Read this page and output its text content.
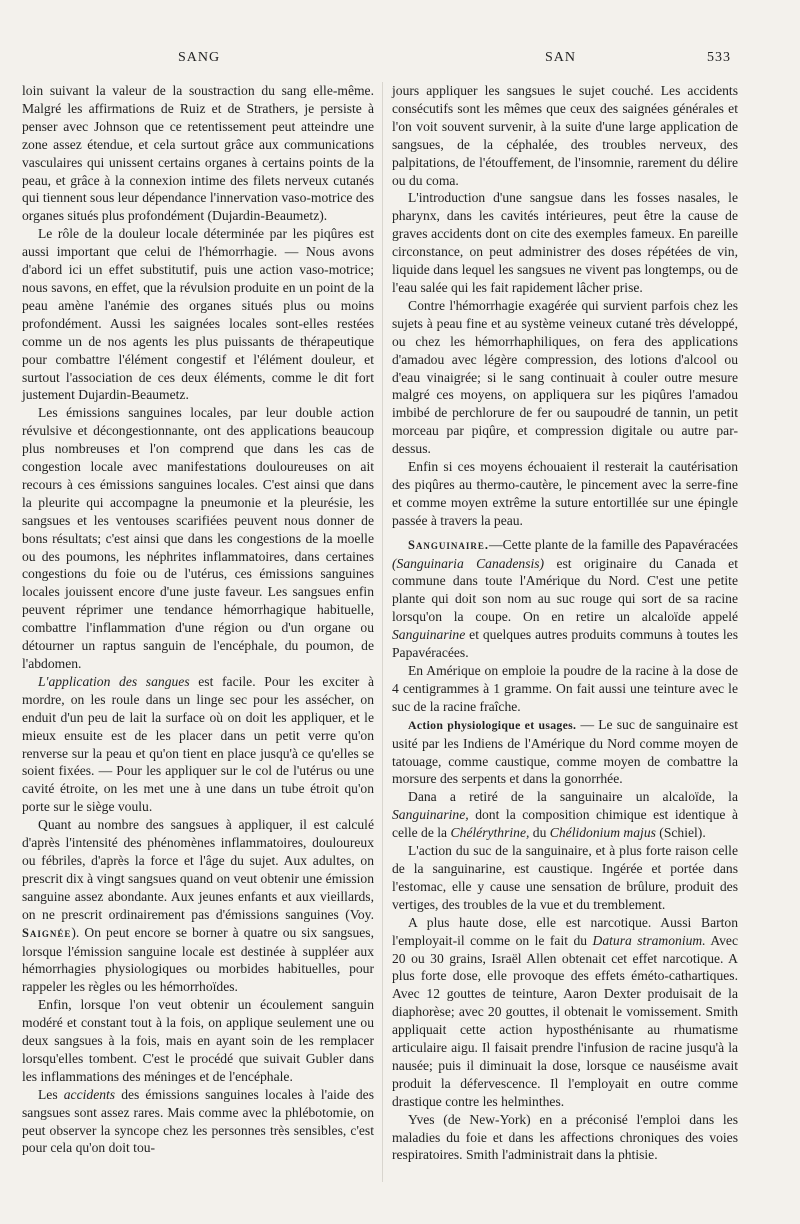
SANG	SAN	533

loin suivant la valeur de la soustraction du sang elle-même. Malgré les affirmations de Ruiz et de Strathers, je persiste à penser avec Johnson que ce retentissement peut atteindre une zone assez étendue, et cela surtout grâce aux communications vasculaires qui unissent certains organes à certains points de la peau, et grâce à la connexion intime des filets nerveux cutanés qui tiennent sous leur dépendance l'innervation vaso-motrice des organes situés plus profondément (Dujardin-Beaumetz).

Le rôle de la douleur locale déterminée par les piqûres est aussi important que celui de l'hémorrhagie. — Nous avons d'abord ici un effet substitutif, puis une action vaso-motrice; nous savons, en effet, que la révulsion produite en un point de la peau amène l'anémie des organes situés plus ou moins profondément. Aussi les saignées locales sont-elles restées comme un de nos agents les plus puissants de thérapeutique pour combattre l'élément congestif et l'élément douleur, et surtout l'association de ces deux éléments, comme le dit fort justement Dujardin-Beaumetz.

Les émissions sanguines locales, par leur double action révulsive et décongestionnante, ont des applications beaucoup plus nombreuses et l'on comprend que dans les cas de congestion locale avec manifestations douloureuses on ait recours à ces émissions sanguines locales. C'est ainsi que dans la pleurite qui accompagne la pneumonie et la pleurésie, les sangsues et les ventouses scarifiées peuvent nous donner de bons résultats; c'est ainsi que dans les congestions de la moelle ou des poumons, les néphrites inflammatoires, dans certaines congestions du foie ou de l'utérus, ces émissions sanguines locales jouissent encore d'une juste faveur. Les sangsues enfin peuvent réprimer une tendance hémorrhagique habituelle, combattre l'inflammation d'une région ou d'un organe ou détourner un raptus sanguin de l'encéphale, du poumon, de l'abdomen.

L'application des sangues est facile. Pour les exciter à mordre, on les roule dans un linge sec pour les assécher, on enduit d'un peu de lait la surface où on doit les appliquer, et le mieux ensuite est de les placer dans un petit verre qu'on renverse sur la peau et qu'on tient en place jusqu'à ce qu'elles se soient fixées. — Pour les appliquer sur le col de l'utérus ou une cavité étroite, on les met une à une dans un tube étroit qu'on porte sur le siège voulu.

Quant au nombre des sangsues à appliquer, il est calculé d'après l'intensité des phénomènes inflammatoires, douloureux ou fébriles, d'après la force et l'âge du sujet. Aux adultes, on prescrit dix à vingt sangsues quand on veut obtenir une émission sanguine assez abondante. Aux jeunes enfants et aux vieillards, on ne prescrit ordinairement pas d'émissions sanguines (Voy. Saignée). On peut encore se borner à quatre ou six sangsues, lorsque l'émission sanguine locale est destinée à suppléer aux hémorrhagies physiologiques ou morbides habituelles, pour rappeler les règles ou les hémorrhoïdes.

Enfin, lorsque l'on veut obtenir un écoulement sanguin modéré et constant tout à la fois, on applique seulement une ou deux sangsues à la fois, mais en ayant soin de les remplacer lorsqu'elles tombent. C'est le procédé que suivait Gubler dans les inflammations des méninges et de l'encéphale.

Les accidents des émissions sanguines locales à l'aide des sangsues sont assez rares. Mais comme avec la phlébotomie, on peut observer la syncope chez les personnes très sensibles, c'est pour cela qu'on doit tou-

jours appliquer les sangsues le sujet couché. Les accidents consécutifs sont les mêmes que ceux des saignées générales et l'on voit souvent survenir, à la suite d'une large application de sangsues, de la céphalée, des troubles nerveux, des palpitations, de l'étouffement, de l'insomnie, rarement du délire ou du coma.

L'introduction d'une sangsue dans les fosses nasales, le pharynx, dans les cavités intérieures, peut être la cause de graves accidents dont on cite des exemples fameux. En pareille circonstance, on peut administrer des doses répétées de vin, liquide dans lequel les sangsues ne vivent pas longtemps, ou de l'eau salée qui les fait rapidement lâcher prise.

Contre l'hémorrhagie exagérée qui survient parfois chez les sujets à peau fine et au système veineux cutané très développé, ou chez les hémorrhaphiliques, on fera des applications d'amadou avec légère compression, des lotions d'alcool ou d'eau vinaigrée; si le sang continuait à couler outre mesure malgré ces moyens, on appliquera sur les piqûres l'amadou imbibé de perchlorure de fer ou saupoudré de tannin, un petit morceau par piqûre, et compression digitale ou autre par-dessus.

Enfin si ces moyens échouaient il resterait la cautérisation des piqûres au thermo-cautère, le pincement avec la serre-fine et comme moyen extrême la suture entortillée sur une épingle passée à travers la peau.

Sanguinaire.—Cette plante de la famille des Papavéracées (Sanguinaria Canadensis) est originaire du Canada et commune dans toute l'Amérique du Nord. C'est une petite plante qui doit son nom au suc rouge qui sort de sa racine lorsqu'on la coupe. On en retire un alcaloïde appelé Sanguinarine et quelques autres produits communs à toutes les Papavéracées.

En Amérique on emploie la poudre de la racine à la dose de 4 centigrammes à 1 gramme. On fait aussi une teinture avec le suc de la racine fraîche.

Action physiologique et usages. — Le suc de sanguinaire est usité par les Indiens de l'Amérique du Nord comme moyen de tatouage, comme caustique, comme moyen de combattre la morsure des serpents et dans la gonorrhée.

Dana a retiré de la sanguinaire un alcaloïde, la Sanguinarine, dont la composition chimique est identique à celle de la Chélérythrine, du Chélidonium majus (Schiel).

L'action du suc de la sanguinaire, et à plus forte raison celle de la sanguinarine, est caustique. Ingérée et portée dans l'estomac, elle y cause une sensation de brûlure, produit des vertiges, des troubles de la vue et du tremblement.

A plus haute dose, elle est narcotique. Aussi Barton l'employait-il comme on le fait du Datura stramonium. Avec 20 ou 30 grains, Israël Allen obtenait cet effet narcotique. A plus forte dose, elle provoque des effets éméto-cathartiques. Avec 12 gouttes de teinture, Aaron Dexter produisait de la diaphorèse; avec 20 gouttes, il obtenait le vomissement. Smith appliquait cette action hyposthénisante au rhumatisme articulaire aigu. Il faisait prendre l'infusion de racine jusqu'à la nausée; puis il diminuait la dose, lorsque ce nauséisme avait produit la défervescence. Il l'employait en outre comme drastique contre les helminthes.

Yves (de New-York) en a préconisé l'emploi dans les maladies du foie et dans les affections chroniques des voies respiratoires. Smith l'administrait dans la phtisie.
